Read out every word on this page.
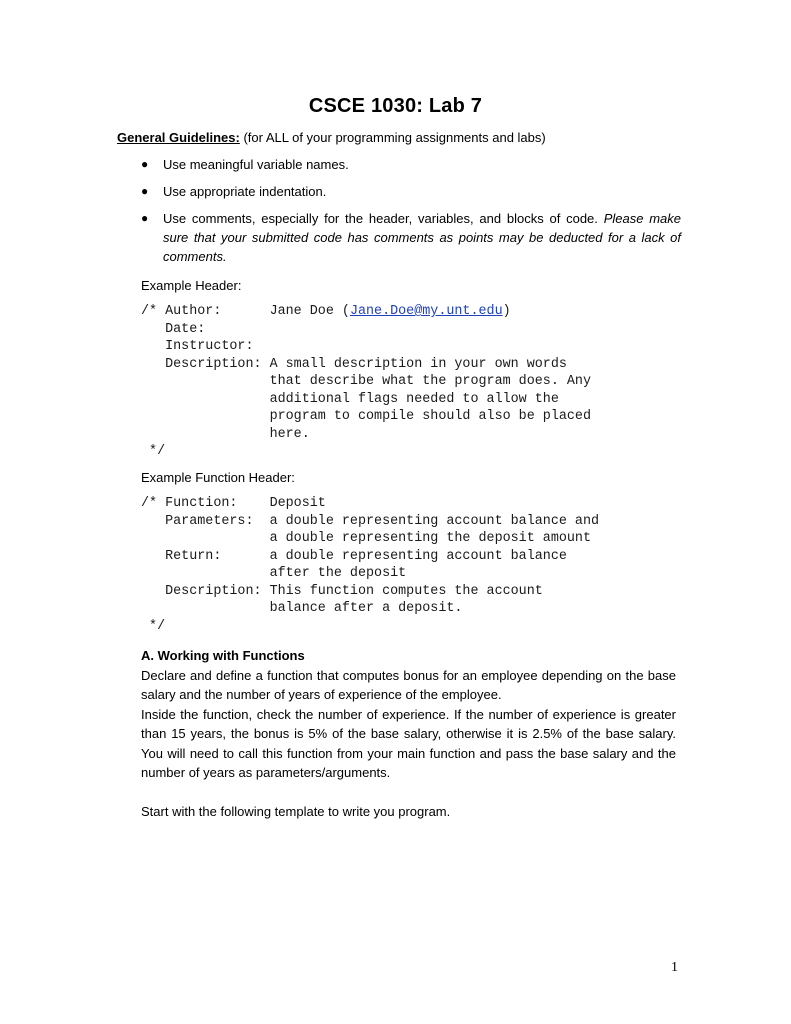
CSCE 1030: Lab 7
General Guidelines: (for ALL of your programming assignments and labs)
● Use meaningful variable names.
● Use appropriate indentation.
● Use comments, especially for the header, variables, and blocks of code. Please make sure that your submitted code has comments as points may be deducted for a lack of comments.
Example Header:
/* Author:      Jane Doe (Jane.Doe@my.unt.edu)
Date:
Instructor:
Description: A small description in your own words
that describe what the program does. Any
additional flags needed to allow the
program to compile should also be placed
here.
*/
Example Function Header:
/* Function:    Deposit
Parameters:  a double representing account balance and
a double representing the deposit amount
Return:      a double representing account balance
after the deposit
Description: This function computes the account
balance after a deposit.
*/

A. Working with Functions

Declare and define a function that computes bonus for an employee depending on the base salary and the number of years of experience of the employee.

Inside the function, check the number of experience. If the number of experience is greater than 15 years, the bonus is 5% of the base salary, otherwise it is 2.5% of the base salary. You will need to call this function from your main function and pass the base salary and the number of years as parameters/arguments.

Start with the following template to write you program.

1
